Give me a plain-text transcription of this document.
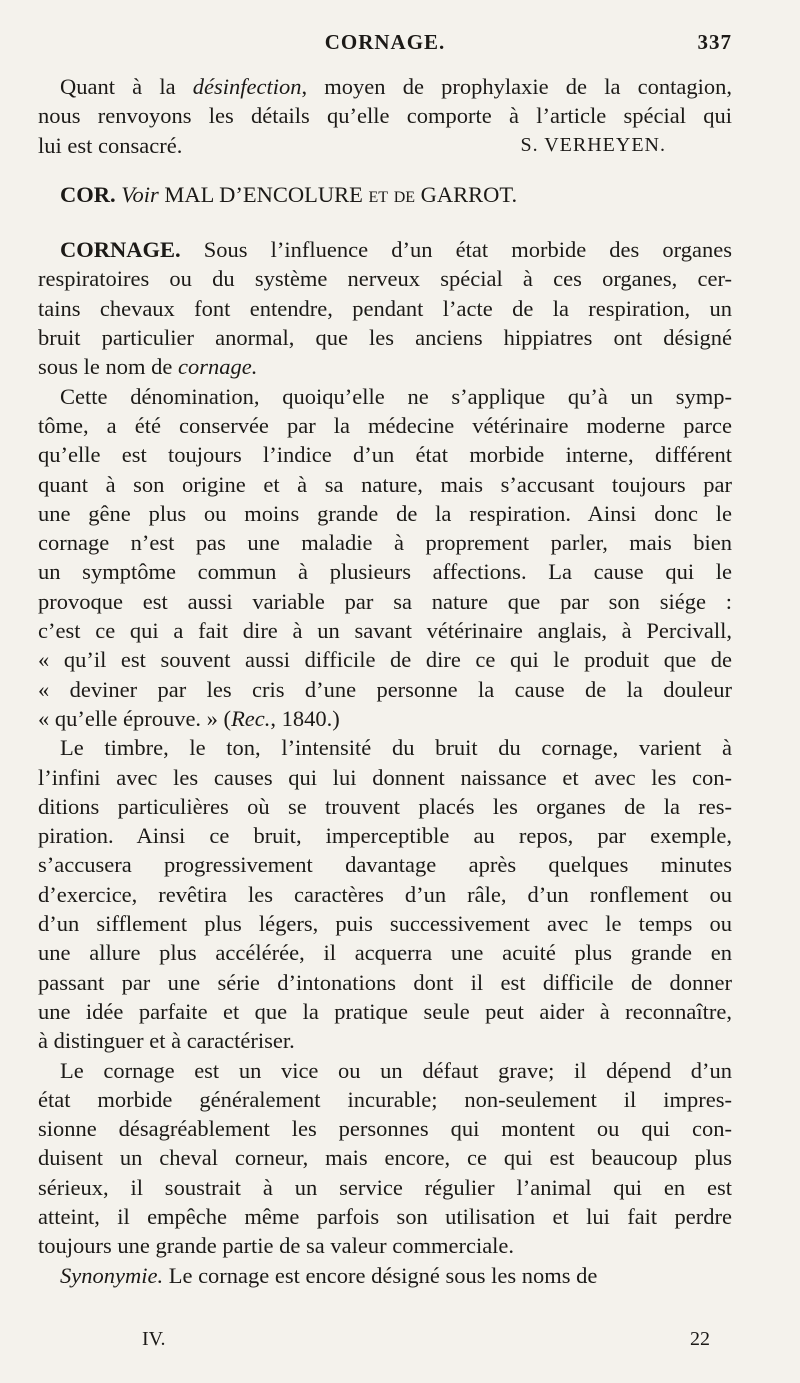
CORNAGE.	337

Quant à la désinfection, moyen de prophylaxie de la contagion,
nous renvoyons les détails qu’elle comporte à l’article spécial qui
lui est consacré.	S. VERHEYEN.

COR. Voir MAL D’ENCOLURE et de GARROT.

CORNAGE. Sous l’influence d’un état morbide des organes
respiratoires ou du système nerveux spécial à ces organes, cer-
tains chevaux font entendre, pendant l’acte de la respiration, un
bruit particulier anormal, que les anciens hippiatres ont désigné
sous le nom de cornage.

Cette dénomination, quoiqu’elle ne s’applique qu’à un symp-
tôme, a été conservée par la médecine vétérinaire moderne parce
qu’elle est toujours l’indice d’un état morbide interne, différent
quant à son origine et à sa nature, mais s’accusant toujours par
une gêne plus ou moins grande de la respiration. Ainsi donc le
cornage n’est pas une maladie à proprement parler, mais bien
un symptôme commun à plusieurs affections. La cause qui le
provoque est aussi variable par sa nature que par son siége :
c’est ce qui a fait dire à un savant vétérinaire anglais, à Percivall,
« qu’il est souvent aussi difficile de dire ce qui le produit que de
« deviner par les cris d’une personne la cause de la douleur
« qu’elle éprouve. » (Rec., 1840.)

Le timbre, le ton, l’intensité du bruit du cornage, varient à
l’infini avec les causes qui lui donnent naissance et avec les con-
ditions particulières où se trouvent placés les organes de la res-
piration. Ainsi ce bruit, imperceptible au repos, par exemple,
s’accusera progressivement davantage après quelques minutes
d’exercice, revêtira les caractères d’un râle, d’un ronflement ou
d’un sifflement plus légers, puis successivement avec le temps ou
une allure plus accélérée, il acquerra une acuité plus grande en
passant par une série d’intonations dont il est difficile de donner
une idée parfaite et que la pratique seule peut aider à reconnaître,
à distinguer et à caractériser.

Le cornage est un vice ou un défaut grave; il dépend d’un
état morbide généralement incurable; non-seulement il impres-
sionne désagréablement les personnes qui montent ou qui con-
duisent un cheval corneur, mais encore, ce qui est beaucoup plus
sérieux, il soustrait à un service régulier l’animal qui en est
atteint, il empêche même parfois son utilisation et lui fait perdre
toujours une grande partie de sa valeur commerciale.

Synonymie. Le cornage est encore désigné sous les noms de

IV.	22
